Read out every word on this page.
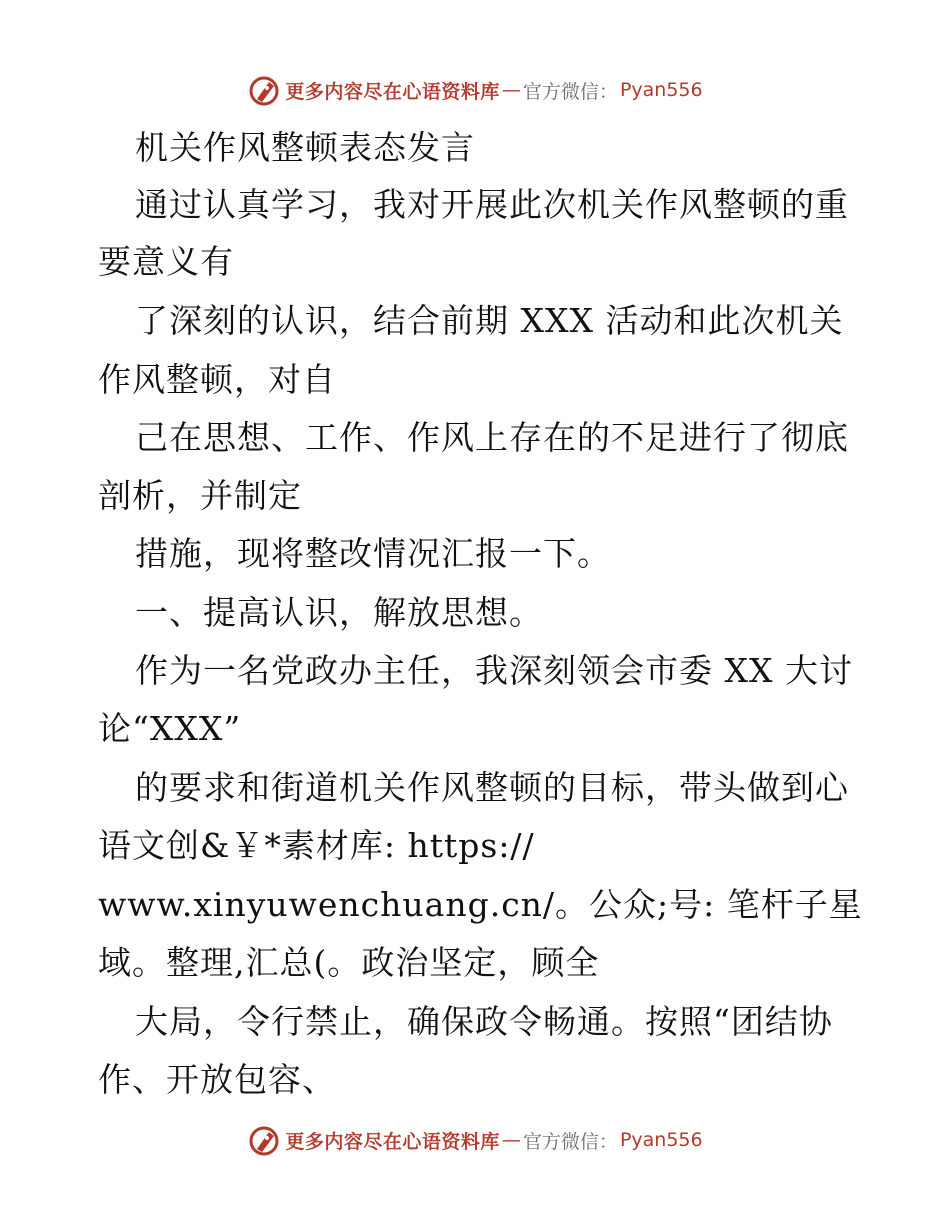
更多内容尽在心语资料库 — 官方微信： Pyan556
机关作风整顿表态发言
通过认真学习，我对开展此次机关作风整顿的重
要意义有
了深刻的认识，结合前期 XXX 活动和此次机关
作风整顿，对自
己在思想、工作、作风上存在的不足进行了彻底
剖析，并制定
措施，现将整改情况汇报一下。
一、提高认识，解放思想。
作为一名党政办主任，我深刻领会市委 XX 大讨
论“XXX”
的要求和街道机关作风整顿的目标，带头做到心
语文创&￥*素材库: https://
www.xinyuwenchuang.cn/。公众;号: 笔杆子星
域。整理,汇总(。政治坚定，顾全
大局，令行禁止，确保政令畅通。按照“团结协
作、开放包容、
更多内容尽在心语资料库 — 官方微信： Pyan556
